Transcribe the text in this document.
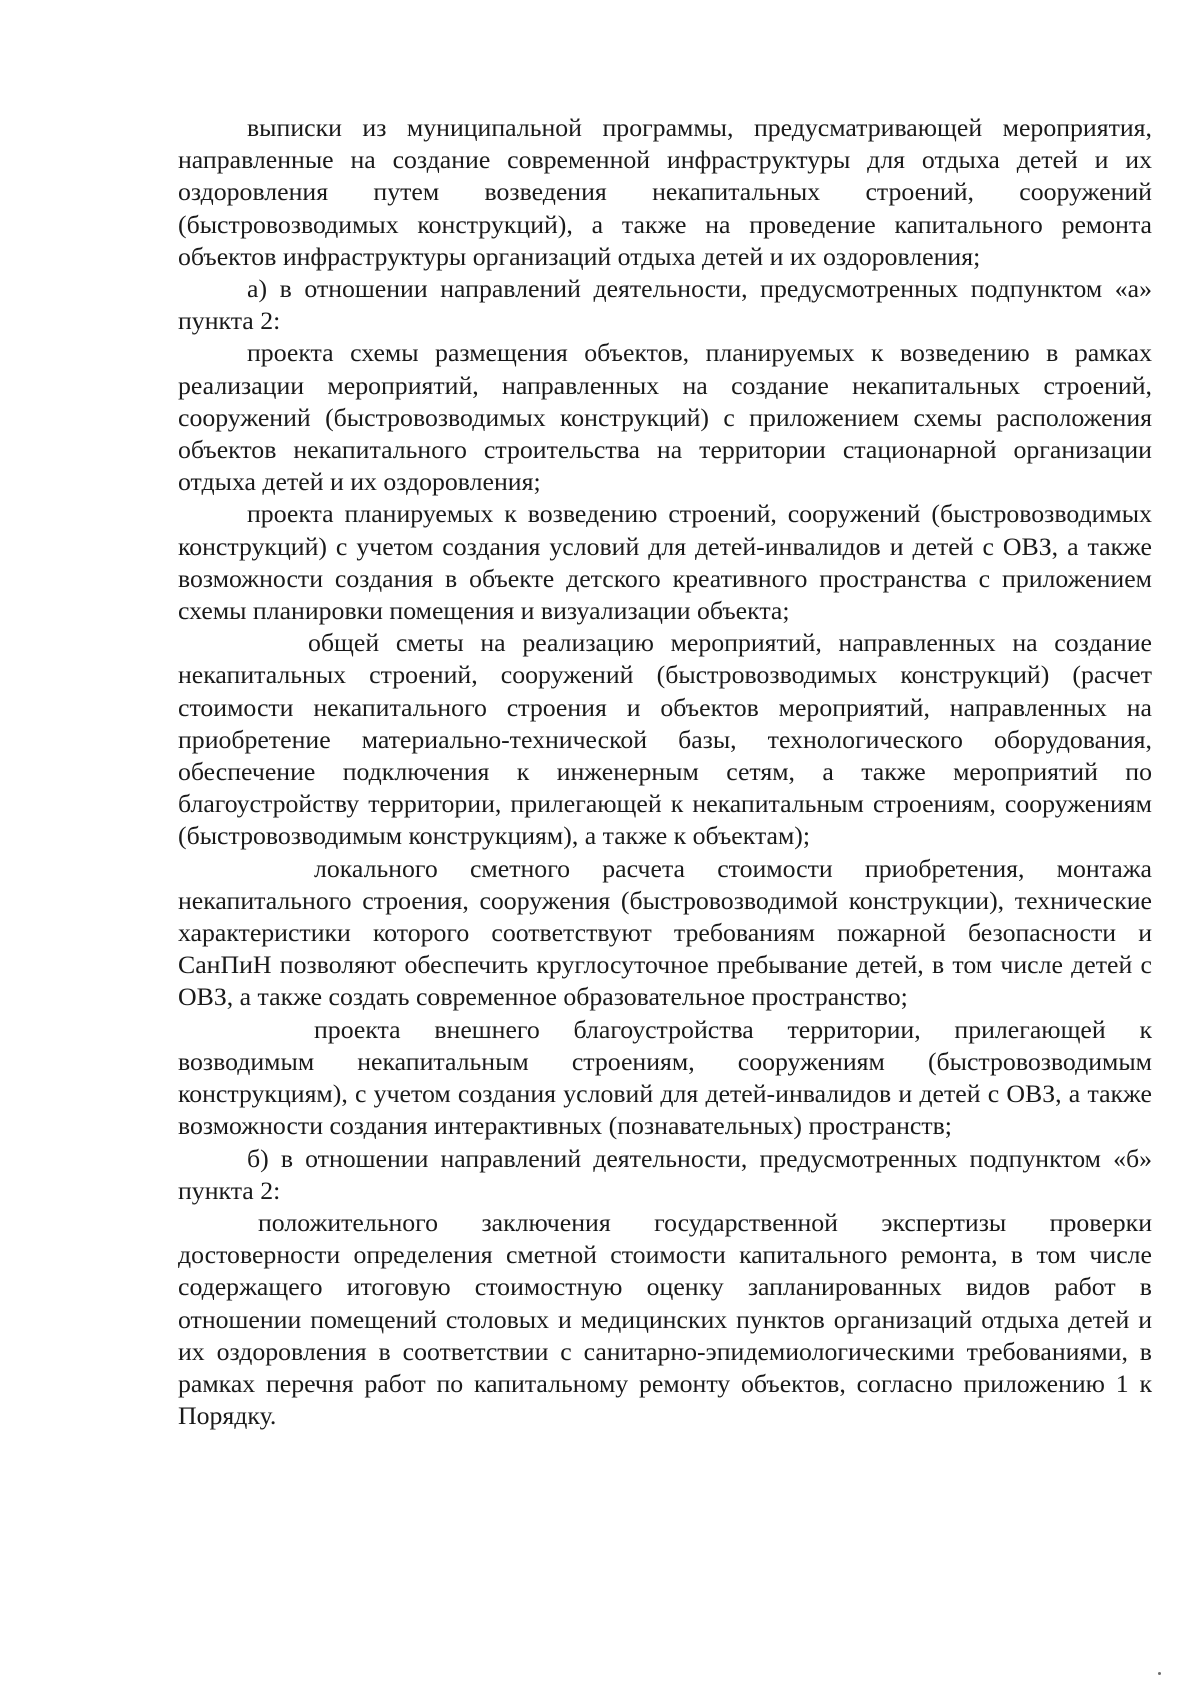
выписки из муниципальной программы, предусматривающей мероприятия, направленные на создание современной инфраструктуры для отдыха детей и их оздоровления путем возведения некапитальных строений, сооружений (быстровозводимых конструкций), а также на проведение капитального ремонта объектов инфраструктуры организаций отдыха детей и их оздоровления;

а) в отношении направлений деятельности, предусмотренных подпунктом «а» пункта 2:

проекта схемы размещения объектов, планируемых к возведению в рамках реализации мероприятий, направленных на создание некапитальных строений, сооружений (быстровозводимых конструкций) с приложением схемы расположения объектов некапитального строительства на территории стационарной организации отдыха детей и их оздоровления;

проекта планируемых к возведению строений, сооружений (быстровозводимых конструкций) с учетом создания условий для детей-инвалидов и детей с ОВЗ, а также возможности создания в объекте детского креативного пространства с приложением схемы планировки помещения и визуализации объекта;

общей сметы на реализацию мероприятий, направленных на создание некапитальных строений, сооружений (быстровозводимых конструкций) (расчет стоимости некапитального строения и объектов мероприятий, направленных на приобретение материально-технической базы, технологического оборудования, обеспечение подключения к инженерным сетям, а также мероприятий по благоустройству территории, прилегающей к некапитальным строениям, сооружениям (быстровозводимым конструкциям), а также к объектам);

локального сметного расчета стоимости приобретения, монтажа некапитального строения, сооружения (быстровозводимой конструкции), технические характеристики которого соответствуют требованиям пожарной безопасности и СанПиН позволяют обеспечить круглосуточное пребывание детей, в том числе детей с ОВЗ, а также создать современное образовательное пространство;

проекта внешнего благоустройства территории, прилегающей к возводимым некапитальным строениям, сооружениям (быстровозводимым конструкциям), с учетом создания условий для детей-инвалидов и детей с ОВЗ, а также возможности создания интерактивных (познавательных) пространств;

б) в отношении направлений деятельности, предусмотренных подпунктом «б» пункта 2:

положительного заключения государственной экспертизы проверки достоверности определения сметной стоимости капитального ремонта, в том числе содержащего итоговую стоимостную оценку запланированных видов работ в отношении помещений столовых и медицинских пунктов организаций отдыха детей и их оздоровления в соответствии с санитарно-эпидемиологическими требованиями, в рамках перечня работ по капитальному ремонту объектов, согласно приложению 1 к Порядку.
